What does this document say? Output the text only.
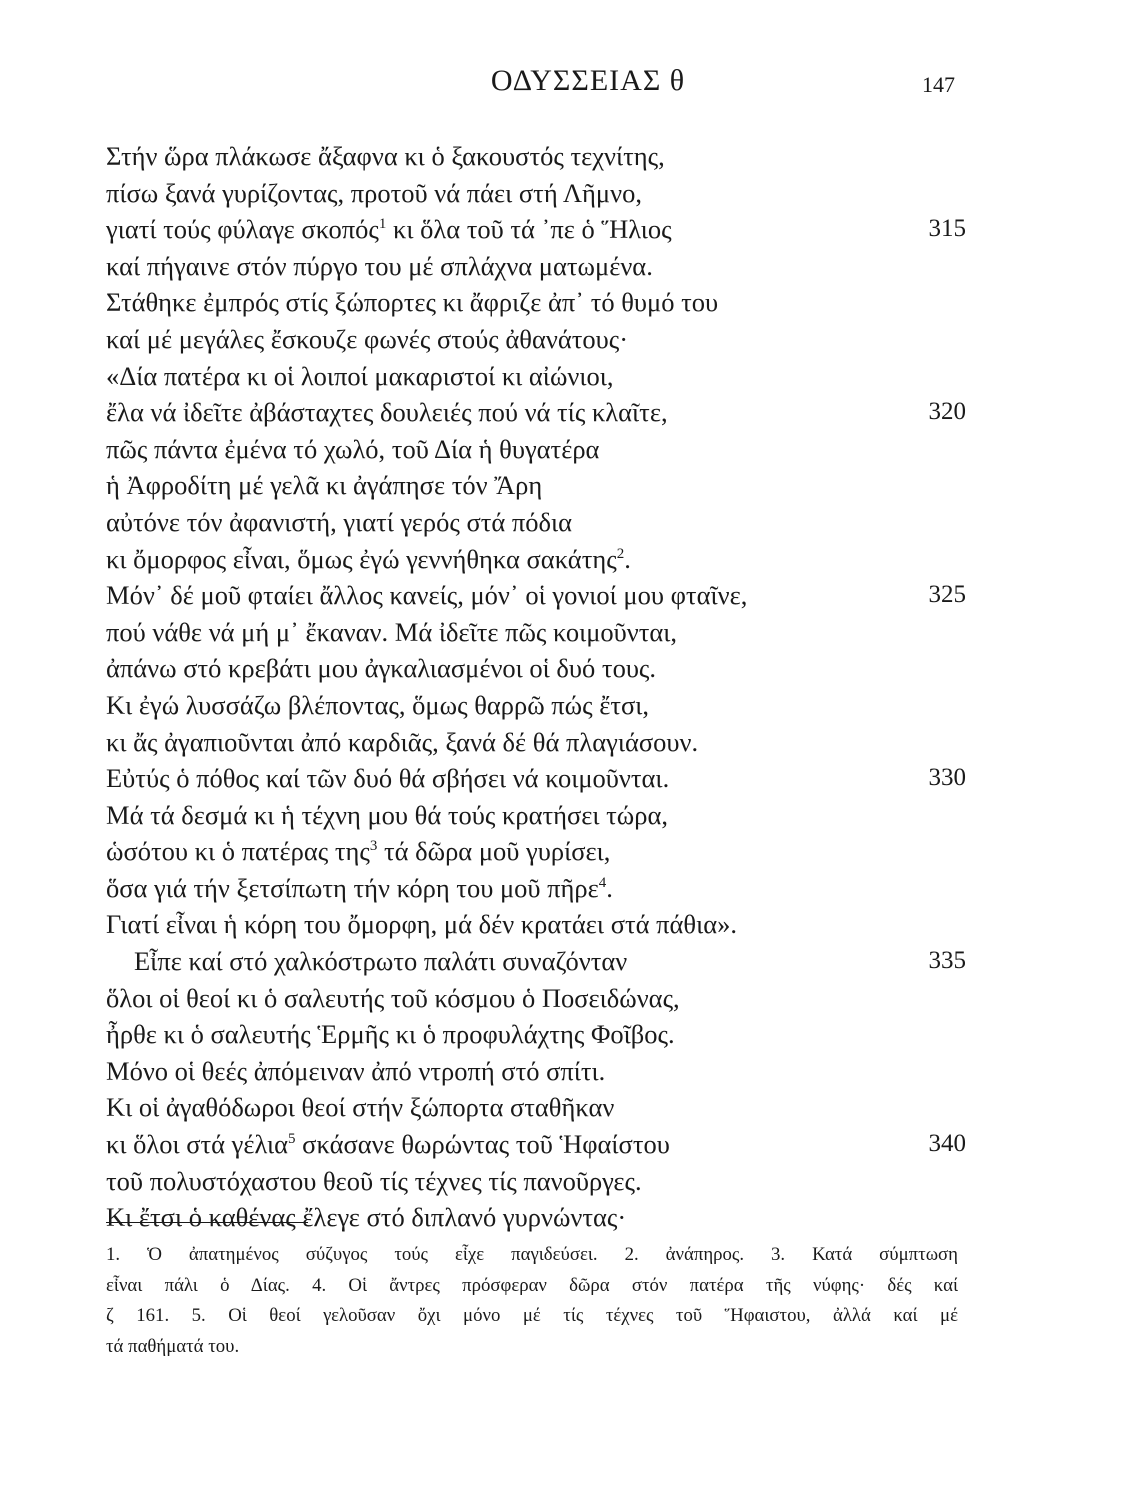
ΟΔΥΣΣΕΙΑΣ θ	147
Στήν ὥρα πλάκωσε ἄξαφνα κι ὁ ξακουστός τεχνίτης,
πίσω ξανά γυρίζοντας, προτοῦ νά πάει στή Λῆμνο,
γιατί τούς φύλαγε σκοπός$^1$ κι ὅλα τοῦ τά ᾽πε ὁ Ἥλιος	315
καί πήγαινε στόν πύργο του μέ σπλάχνα ματωμένα.
Στάθηκε ἐμπρός στίς ξώπορτες κι ἄφριζε ἀπ᾽ τό θυμό του
καί μέ μεγάλες ἔσκουζε φωνές στούς ἀθανάτους·
«Δία πατέρα κι οἱ λοιποί μακαριστοί κι αἰώνιοι,
ἔλα νά ἰδεῖτε ἀβάσταχτες δουλειές πού νά τίς κλαῖτε,	320
πῶς πάντα ἐμένα τό χωλό, τοῦ Δία ἡ θυγατέρα
ἡ Ἀφροδίτη μέ γελᾶ κι ἀγάπησε τόν Ἄρη
αὐτόνε τόν ἀφανιστή, γιατί γερός στά πόδια
κι ὄμορφος εἶναι, ὅμως ἐγώ γεννήθηκα σακάτης$^2$.
Μόν᾽ δέ μοῦ φταίει ἄλλος κανείς, μόν᾽ οἱ γονιοί μου φταῖνε,	325
πού νάθε νά μή μ᾽ ἔκαναν. Μά ἰδεῖτε πῶς κοιμοῦνται,
ἀπάνω στό κρεβάτι μου ἀγκαλιασμένοι οἱ δυό τους.
Κι ἐγώ λυσσάζω βλέποντας, ὅμως θαρρῶ πώς ἔτσι,
κι ἄς ἀγαπιοῦνται ἀπό καρδιᾶς, ξανά δέ θά πλαγιάσουν.
Εὐτύς ὁ πόθος καί τῶν δυό θά σβήσει νά κοιμοῦνται.	330
Μά τά δεσμά κι ἡ τέχνη μου θά τούς κρατήσει τώρα,
ὡσότου κι ὁ πατέρας της$^3$ τά δῶρα μοῦ γυρίσει,
ὅσα γιά τήν ξετσίπωτη τήν κόρη του μοῦ πῆρε$^4$.
Γιατί εἶναι ἡ κόρη του ὄμορφη, μά δέν κρατάει στά πάθια».
Εἶπε καί στό χαλκόστρωτο παλάτι συναζόνταν	335
ὅλοι οἱ θεοί κι ὁ σαλευτής τοῦ κόσμου ὁ Ποσειδώνας,
ἦρθε κι ὁ σαλευτής Ἑρμῆς κι ὁ προφυλάχτης Φοῖβος.
Μόνο οἱ θεές ἀπόμειναν ἀπό ντροπή στό σπίτι.
Κι οἱ ἀγαθόδωροι θεοί στήν ξώπορτα σταθῆκαν
κι ὅλοι στά γέλια$^5$ σκάσανε θωρώντας τοῦ Ἡφαίστου	340
τοῦ πολυστόχαστου θεοῦ τίς τέχνες τίς πανοῦργες.
Κι ἔτσι ὁ καθένας ἔλεγε στό διπλανό γυρνώντας·
1. Ὁ ἀπατημένος σύζυγος τούς εἶχε παγιδεύσει. 2. ἀνάπηρος. 3. Κατά σύμπτωση
εἶναι πάλι ὁ Δίας. 4. Οἱ ἄντρες πρόσφεραν δῶρα στόν πατέρα τῆς νύφης· δές καί
ζ 161. 5. Οἱ θεοί γελοῦσαν ὄχι μόνο μέ τίς τέχνες τοῦ Ἥφαιστου, ἀλλά καί μέ
τά παθήματά του.
